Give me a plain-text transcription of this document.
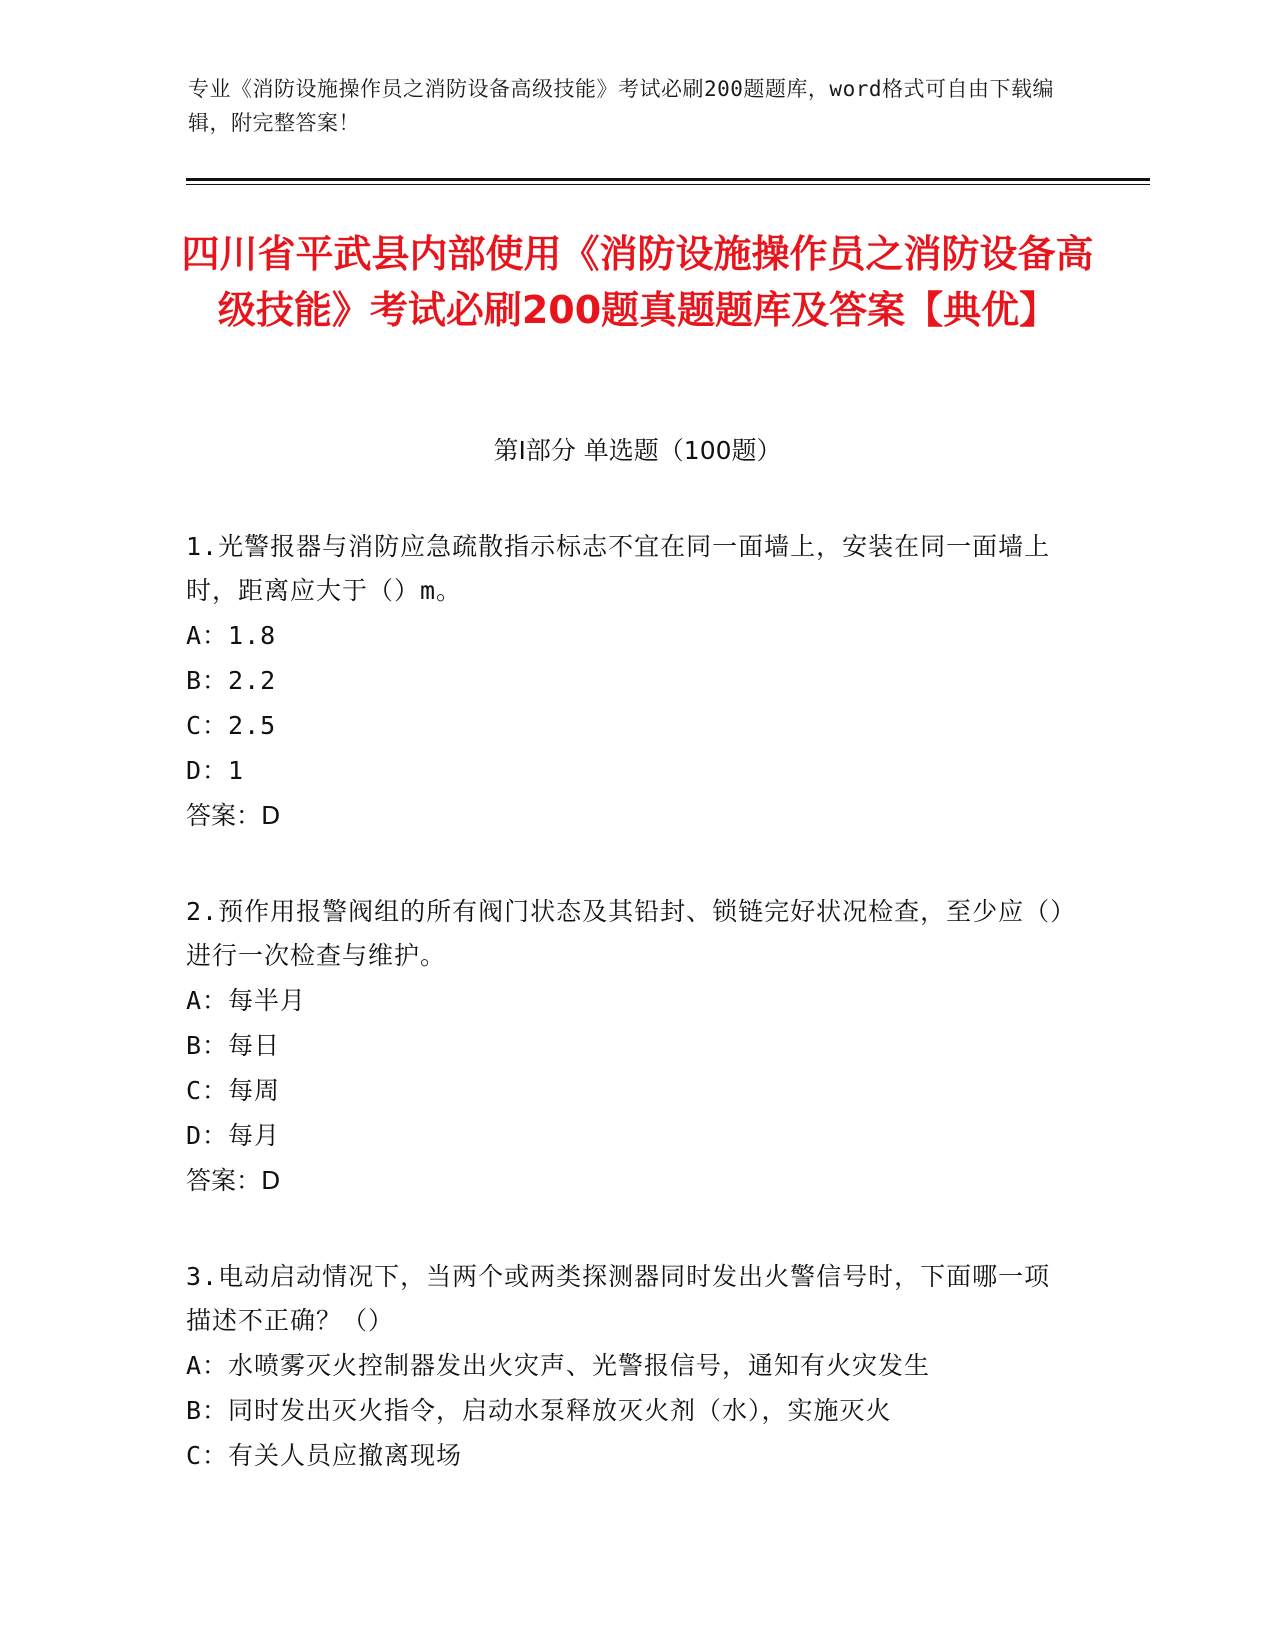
专业《消防设施操作员之消防设备高级技能》考试必刷200题题库，word格式可自由下载编辑，附完整答案！
四川省平武县内部使用《消防设施操作员之消防设备高级技能》考试必刷200题真题题库及答案【典优】
第I部分 单选题（100题）

1.光警报器与消防应急疏散指示标志不宜在同一面墙上，安装在同一面墙上时，距离应大于（）m。

A：1.8

B：2.2

C：2.5

D：1

答案：D

2.预作用报警阀组的所有阀门状态及其铅封、锁链完好状况检查，至少应（）进行一次检查与维护。

A：每半月

B：每日

C：每周

D：每月

答案：D

3.电动启动情况下，当两个或两类探测器同时发出火警信号时，下面哪一项描述不正确？（）

A：水喷雾灭火控制器发出火灾声、光警报信号，通知有火灾发生

B：同时发出灭火指令，启动水泵释放灭火剂（水），实施灭火

C：有关人员应撤离现场
